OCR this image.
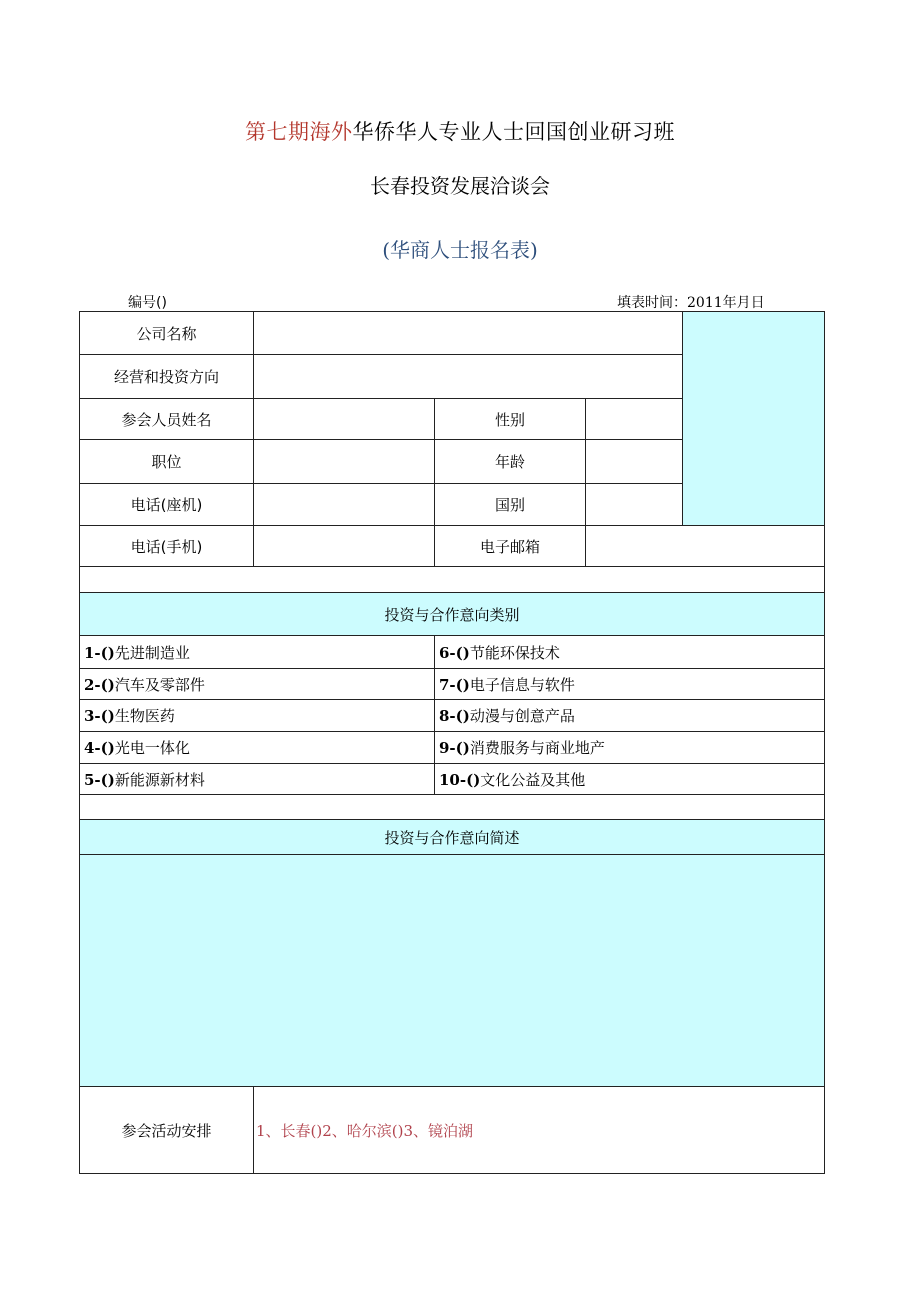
第七期海外华侨华人专业人士回国创业研习班
长春投资发展洽谈会
(华商人士报名表)
编号()	填表时间：2011年月日
公司名称				
经营和投资方向				
参会人员姓名		性别		
职位		年龄		
电话(座机)		国别		
电话(手机)		电子邮箱		

投资与合作意向类别				
1-()先进制造业		6-()节能环保技术		
2-()汽车及零部件		7-()电子信息与软件		
3-()生物医药		8-()动漫与创意产品		
4-()光电一体化		9-()消费服务与商业地产		
5-()新能源新材料		10-()文化公益及其他		

投资与合作意向简述				

参会活动安排	1、长春()2、哈尔滨()3、镜泊湖			
